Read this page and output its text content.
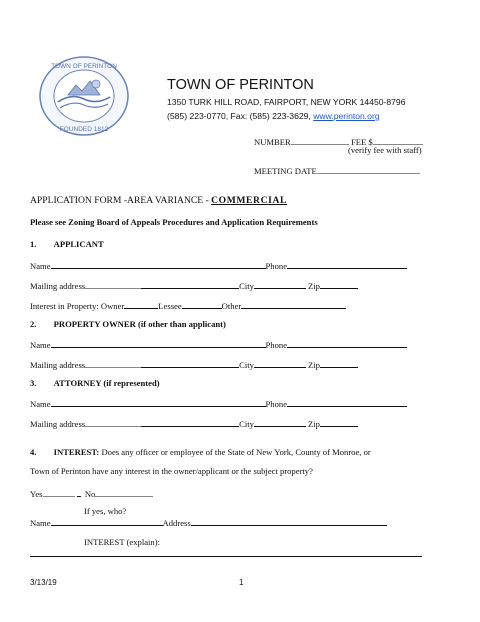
TOWN OF PERINTON
FOUNDED 1812
TOWN OF PERINTON
1350 TURK HILL ROAD, FAIRPORT, NEW YORK 14450-8796
(585) 223-0770, Fax: (585) 223-3629, www.perinton.org
NUMBER	FEE $
(verify fee with staff)
MEETING DATE
APPLICATION FORM -AREA VARIANCE - COMMERCIAL
Please see Zoning Board of Appeals Procedures and Application Requirements
1. APPLICANT
Name	Phone
Mailing address	City	Zip
Interest in Property: Owner	Lessee	Other
2. PROPERTY OWNER (if other than applicant)
Name	Phone
Mailing address	City	Zip
3. ATTORNEY (if represented)
Name	Phone
Mailing address	City	Zip
4. INTEREST: Does any officer or employee of the State of New York, County of Monroe, or
Town of Perinton have any interest in the owner/applicant or the subject property?
Yes	No
If yes, who?
Name	Address
INTEREST (explain):
3/13/19	1
